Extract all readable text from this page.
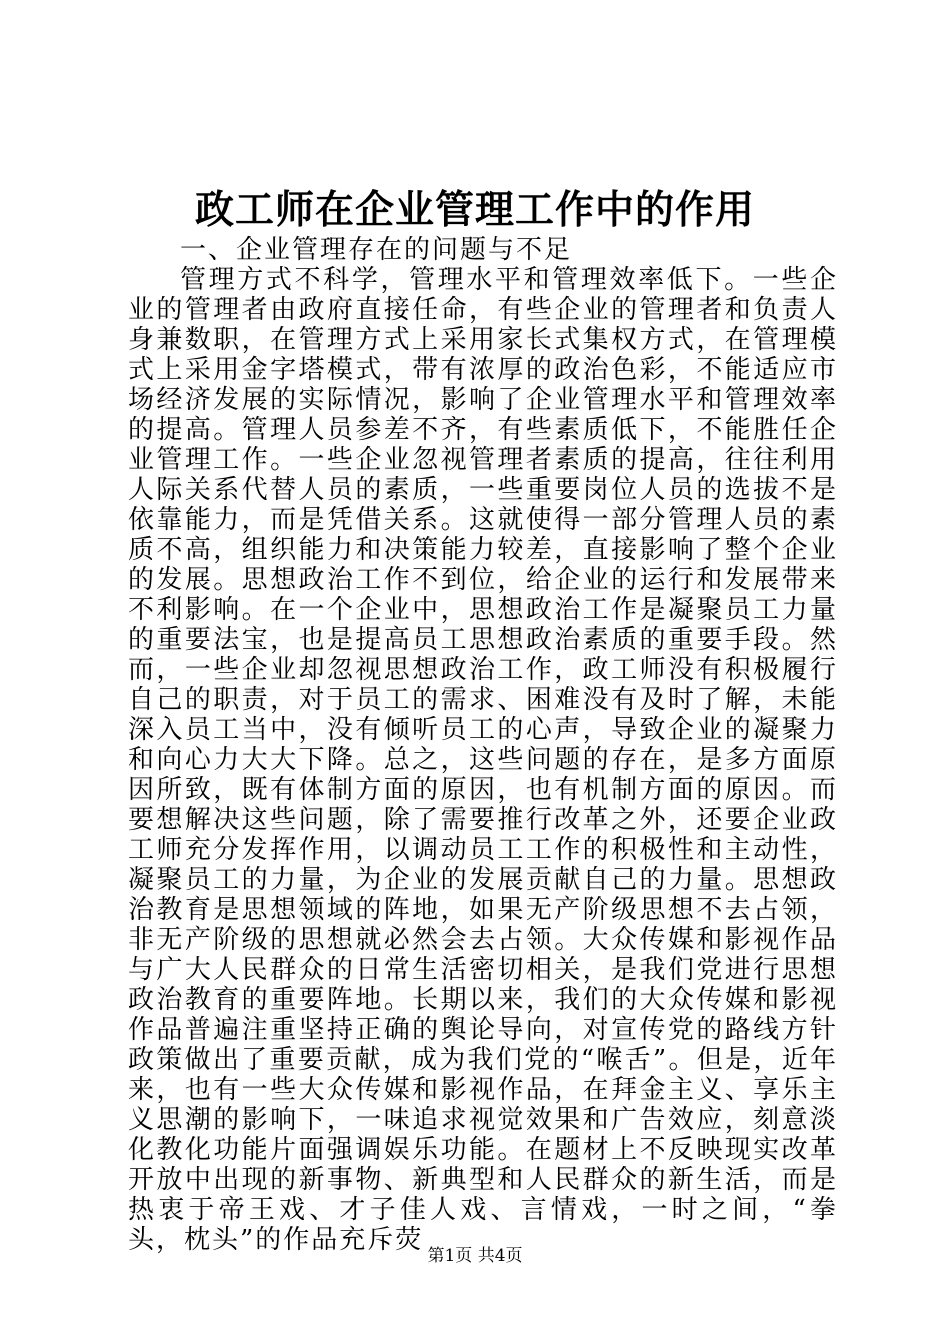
政工师在企业管理工作中的作用

一、企业管理存在的问题与不足

管理方式不科学，管理水平和管理效率低下。一些企业的管理者由政府直接任命，有些企业的管理者和负责人身兼数职，在管理方式上采用家长式集权方式，在管理模式上采用金字塔模式，带有浓厚的政治色彩，不能适应市场经济发展的实际情况，影响了企业管理水平和管理效率的提高。管理人员参差不齐，有些素质低下，不能胜任企业管理工作。一些企业忽视管理者素质的提高，往往利用人际关系代替人员的素质，一些重要岗位人员的选拔不是依靠能力，而是凭借关系。这就使得一部分管理人员的素质不高，组织能力和决策能力较差，直接影响了整个企业的发展。思想政治工作不到位，给企业的运行和发展带来不利影响。在一个企业中，思想政治工作是凝聚员工力量的重要法宝，也是提高员工思想政治素质的重要手段。然而，一些企业却忽视思想政治工作，政工师没有积极履行自己的职责，对于员工的需求、困难没有及时了解，未能深入员工当中，没有倾听员工的心声，导致企业的凝聚力和向心力大大下降。总之，这些问题的存在，是多方面原因所致，既有体制方面的原因，也有机制方面的原因。而要想解决这些问题，除了需要推行改革之外，还要企业政工师充分发挥作用，以调动员工工作的积极性和主动性，凝聚员工的力量，为企业的发展贡献自己的力量。思想政治教育是思想领域的阵地，如果无产阶级思想不去占领，非无产阶级的思想就必然会去占领。大众传媒和影视作品与广大人民群众的日常生活密切相关，是我们党进行思想政治教育的重要阵地。长期以来，我们的大众传媒和影视作品普遍注重坚持正确的舆论导向，对宣传党的路线方针政策做出了重要贡献，成为我们党的“喉舌”。但是，近年来，也有一些大众传媒和影视作品，在拜金主义、享乐主义思潮的影响下，一味追求视觉效果和广告效应，刻意淡化教化功能片面强调娱乐功能。在题材上不反映现实改革开放中出现的新事物、新典型和人民群众的新生活，而是热衷于帝王戏、才子佳人戏、言情戏，一时之间，“拳头，枕头”的作品充斥荧

第1页 共4页
